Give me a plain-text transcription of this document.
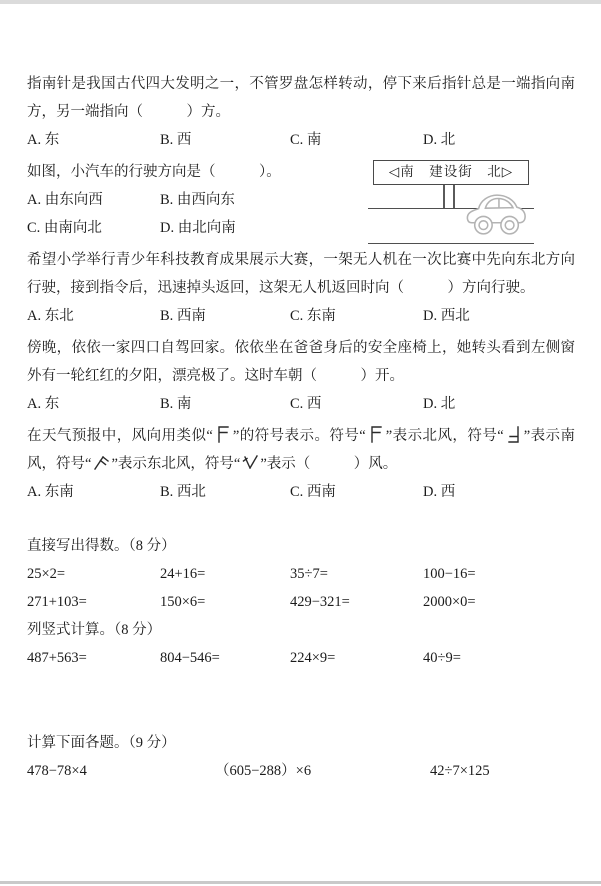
指南针是我国古代四大发明之一，不管罗盘怎样转动，停下来后指针总是一端指向南方，另一端指向（   ）方。

A. 东	B. 西	C. 南	D. 北

如图，小汽车的行驶方向是（   ）。

A. 由东向西	B. 由西向东
C. 由南向北	D. 由北向南
◁南　建设街　北▷

希望小学举行青少年科技教育成果展示大赛，一架无人机在一次比赛中先向东北方向行驶，接到指令后，迅速掉头返回，这架无人机返回时向（   ）方向行驶。

A. 东北	B. 西南	C. 东南	D. 西北

傍晚，依依一家四口自驾回家。依依坐在爸爸身后的安全座椅上，她转头看到左侧窗外有一轮红红的夕阳，漂亮极了。这时车朝（   ）开。

A. 东	B. 南	C. 西	D. 北

在天气预报中，风向用类似“ ”的符号表示。符号“ ”表示北风，符号“ ”表示南风，符号“ ”表示东北风，符号“ ”表示（   ）风。

A. 东南	B. 西北	C. 西南	D. 西

直接写出得数。（8 分）

25×2=	24+16=	35÷7=	100−16=
271+103=	150×6=	429−321=	2000×0=

列竖式计算。（8 分）

487+563=	804−546=	224×9=	40÷9=

计算下面各题。（9 分）

478−78×4	（605−288）×6	42÷7×125
